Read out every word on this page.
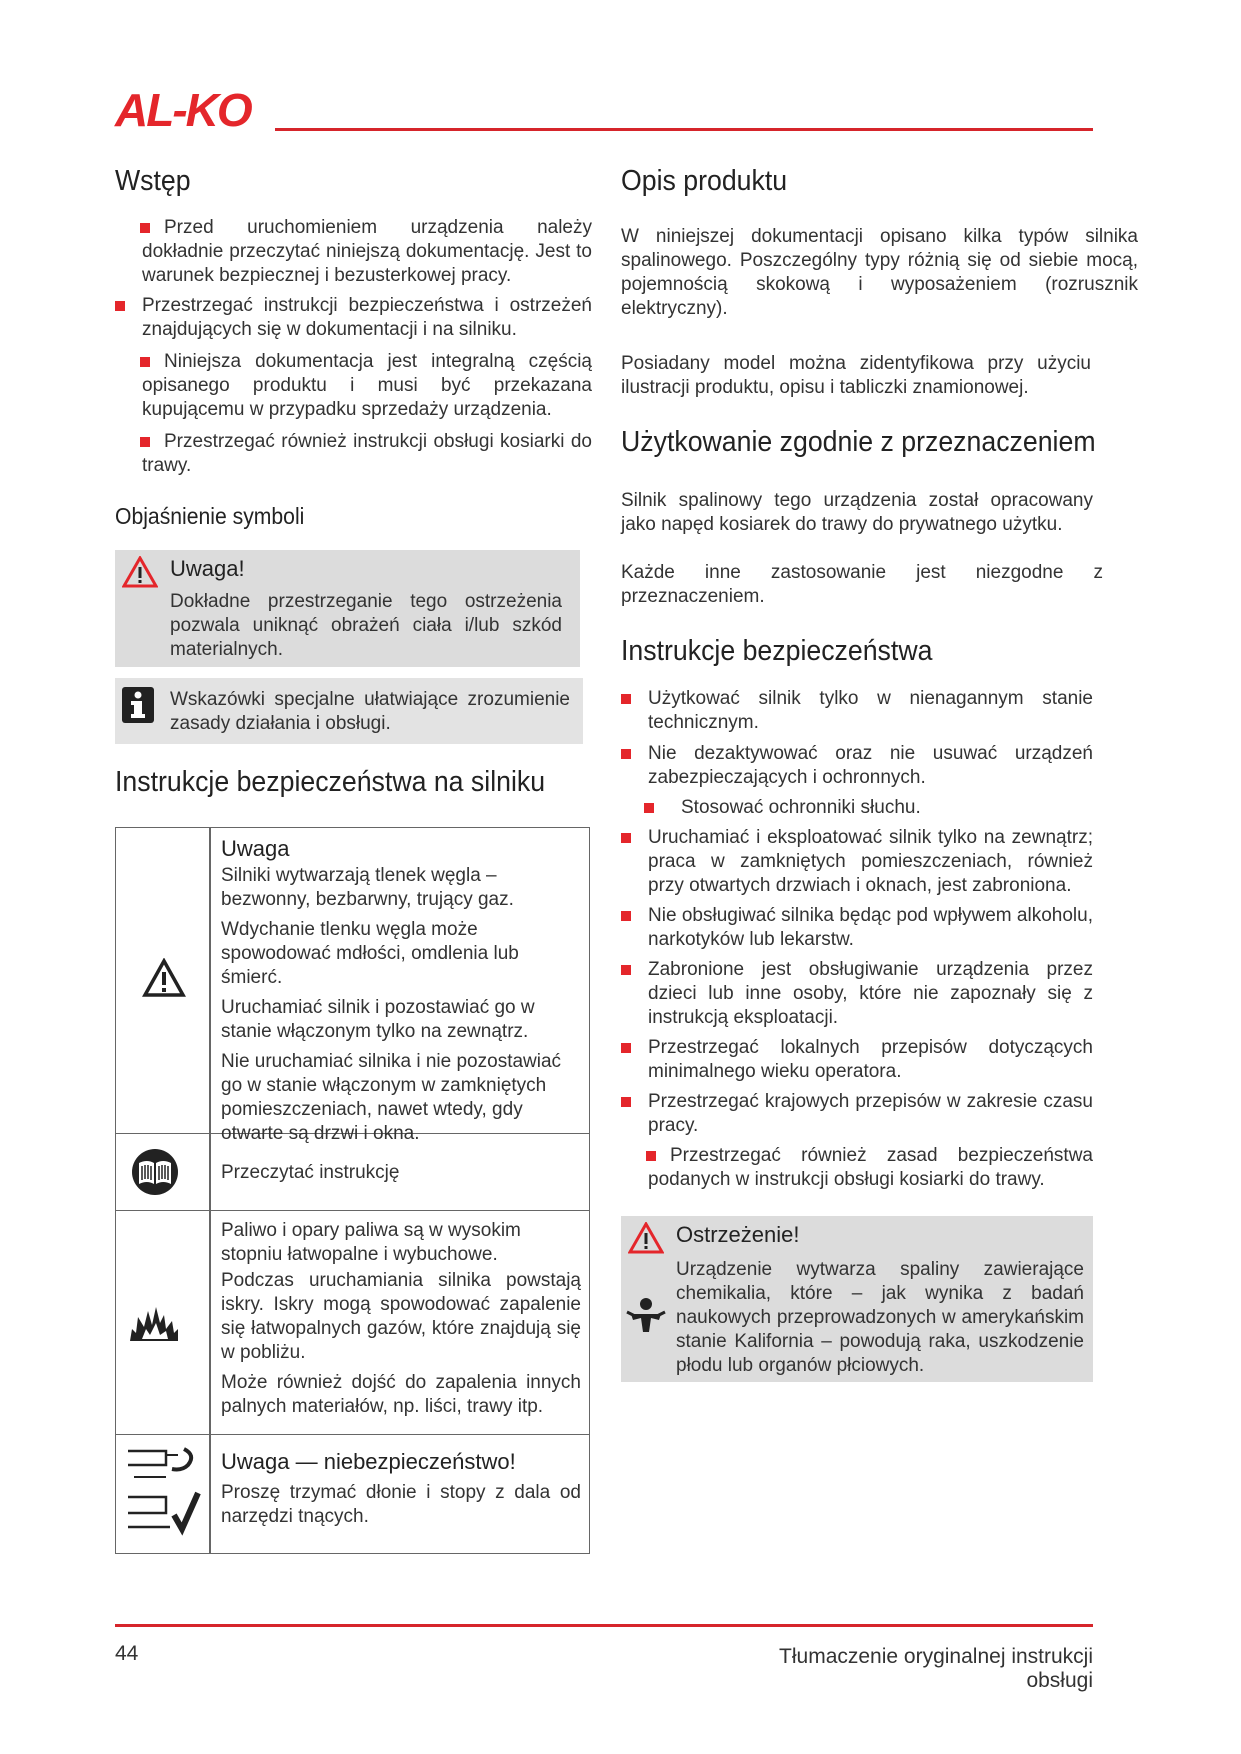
AL-KO
Wstęp
Przed uruchomieniem urządzenia należy dokładnie przeczytać niniejszą dokumentację. Jest to warunek bezpiecznej i bezusterkowej pracy.
Przestrzegać instrukcji bezpieczeństwa i ostrzeżeń znajdujących się w dokumentacji i na silniku.
Niniejsza dokumentacja jest integralną częścią opisanego produktu i musi być przekazana kupującemu w przypadku sprzedaży urządzenia.
Przestrzegać również instrukcji obsługi kosiarki do trawy.
Objaśnienie symboli
Uwaga!
Dokładne przestrzeganie tego ostrzeżenia pozwala uniknąć obrażeń ciała i/lub szkód materialnych.
Wskazówki specjalne ułatwiające zrozumienie zasady działania i obsługi.
Instrukcje bezpieczeństwa na silniku
Uwaga
Silniki wytwarzają tlenek węgla – bezwonny, bezbarwny, trujący gaz.
Wdychanie tlenku węgla może spowodować mdłości, omdlenia lub śmierć.
Uruchamiać silnik i pozostawiać go w stanie włączonym tylko na zewnątrz.
Nie uruchamiać silnika i nie pozostawiać go w stanie włączonym w zamkniętych pomieszczeniach, nawet wtedy, gdy otwarte są drzwi i okna.
Przeczytać instrukcję
Paliwo i opary paliwa są w wysokim stopniu łatwopalne i wybuchowe.
Podczas uruchamiania silnika powstają iskry. Iskry mogą spowodować zapalenie się łatwopalnych gazów, które znajdują się w pobliżu.
Może również dojść do zapalenia innych palnych materiałów, np. liści, trawy itp.
Uwaga — niebezpieczeństwo!
Proszę trzymać dłonie i stopy z dala od narzędzi tnących.
Opis produktu
W niniejszej dokumentacji opisano kilka typów silnika spalinowego. Poszczególny typy różnią się od siebie mocą, pojemnością skokową i wyposażeniem (rozrusznik elektryczny).
Posiadany model można zidentyfikowa przy użyciu ilustracji produktu, opisu i tabliczki znamionowej.
Użytkowanie zgodnie z przeznaczeniem
Silnik spalinowy tego urządzenia został opracowany jako napęd kosiarek do trawy do prywatnego użytku.
Każde inne zastosowanie jest niezgodne z przeznaczeniem.
Instrukcje bezpieczeństwa
Użytkować silnik tylko w nienagannym stanie technicznym.
Nie dezaktywować oraz nie usuwać urządzeń zabezpieczających i ochronnych.
Stosować ochronniki słuchu.
Uruchamiać i eksploatować silnik tylko na zewnątrz; praca w zamkniętych pomieszczeniach, również przy otwartych drzwiach i oknach, jest zabroniona.
Nie obsługiwać silnika będąc pod wpływem alkoholu, narkotyków lub lekarstw.
Zabronione jest obsługiwanie urządzenia przez dzieci lub inne osoby, które nie zapoznały się z instrukcją eksploatacji.
Przestrzegać lokalnych przepisów dotyczących minimalnego wieku operatora.
Przestrzegać krajowych przepisów w zakresie czasu pracy.
Przestrzegać również zasad bezpieczeństwa podanych w instrukcji obsługi kosiarki do trawy.
Ostrzeżenie!
Urządzenie wytwarza spaliny zawierające chemikalia, które – jak wynika z badań naukowych przeprowadzonych w amerykańskim stanie Kalifornia – powodują raka, uszkodzenie płodu lub organów płciowych.
44	Tłumaczenie oryginalnej instrukcji obsługi
